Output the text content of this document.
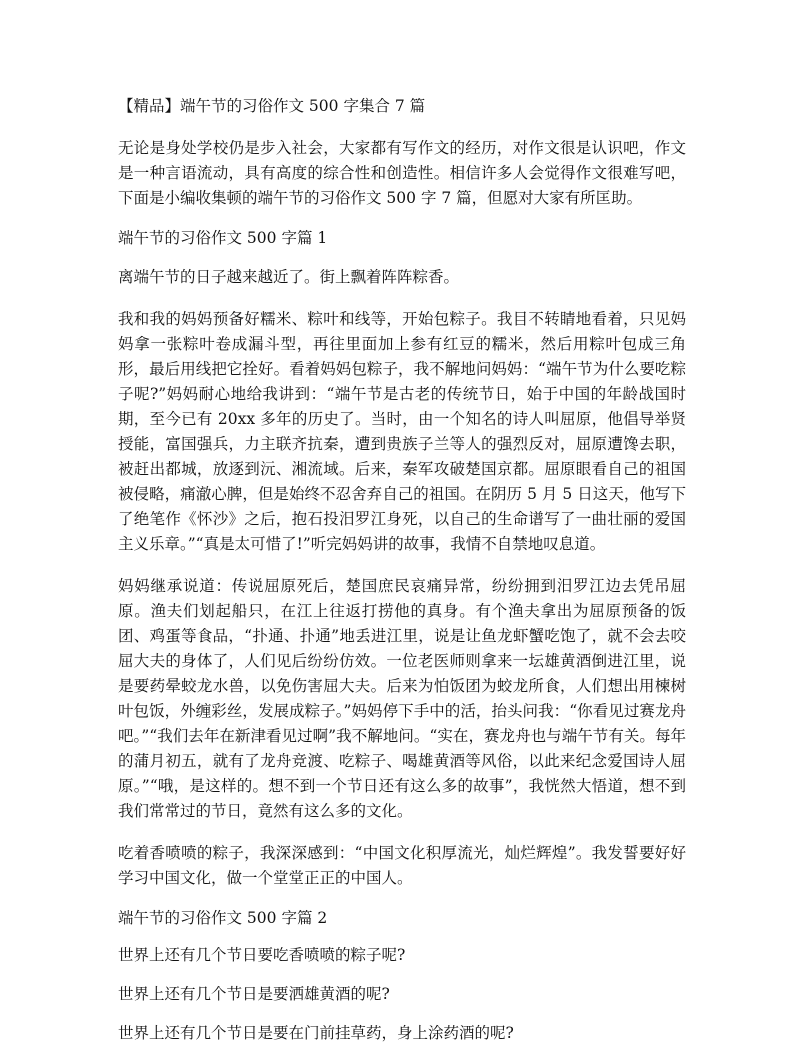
【精品】端午节的习俗作文 500 字集合 7 篇
无论是身处学校仍是步入社会，大家都有写作文的经历，对作文很是认识吧，作文是一种言语流动，具有高度的综合性和创造性。相信许多人会觉得作文很难写吧，下面是小编收集顿的端午节的习俗作文 500 字 7 篇，但愿对大家有所匡助。
端午节的习俗作文 500 字篇 1
离端午节的日子越来越近了。街上飘着阵阵粽香。
我和我的妈妈预备好糯米、粽叶和线等，开始包粽子。我目不转睛地看着，只见妈妈拿一张粽叶卷成漏斗型，再往里面加上参有红豆的糯米，然后用粽叶包成三角形，最后用线把它拴好。看着妈妈包粽子，我不解地问妈妈：“端午节为什么要吃粽子呢?”妈妈耐心地给我讲到：“端午节是古老的传统节日，始于中国的年龄战国时期，至今已有 20xx 多年的历史了。当时，由一个知名的诗人叫屈原，他倡导举贤授能，富国强兵，力主联齐抗秦，遭到贵族子兰等人的强烈反对，屈原遭馋去职，被赶出都城，放逐到沅、湘流域。后来，秦军攻破楚国京都。屈原眼看自己的祖国被侵略，痛澈心脾，但是始终不忍舍弃自己的祖国。在阴历 5 月 5 日这天，他写下了绝笔作《怀沙》之后，抱石投汨罗江身死，以自己的生命谱写了一曲壮丽的爱国主义乐章。”“真是太可惜了!”听完妈妈讲的故事，我情不自禁地叹息道。
妈妈继承说道：传说屈原死后，楚国庶民哀痛异常，纷纷拥到汨罗江边去凭吊屈原。渔夫们划起船只，在江上往返打捞他的真身。有个渔夫拿出为屈原预备的饭团、鸡蛋等食品，“扑通、扑通”地丢进江里，说是让鱼龙虾蟹吃饱了，就不会去咬屈大夫的身体了，人们见后纷纷仿效。一位老医师则拿来一坛雄黄酒倒进江里，说是要药晕蛟龙水兽，以免伤害屈大夫。后来为怕饭团为蛟龙所食，人们想出用楝树叶包饭，外缠彩丝，发展成粽子。”妈妈停下手中的活，抬头问我：“你看见过赛龙舟吧。”“我们去年在新津看见过啊”我不解地问。“实在，赛龙舟也与端午节有关。每年的蒲月初五，就有了龙舟竞渡、吃粽子、喝雄黄酒等风俗，以此来纪念爱国诗人屈原。”“哦，是这样的。想不到一个节日还有这么多的故事”，我恍然大悟道，想不到我们常常过的节日，竟然有这么多的文化。
吃着香喷喷的粽子，我深深感到：“中国文化积厚流光，灿烂辉煌”。我发誓要好好学习中国文化，做一个堂堂正正的中国人。
端午节的习俗作文 500 字篇 2
世界上还有几个节日要吃香喷喷的粽子呢?
世界上还有几个节日是要洒雄黄酒的呢?
世界上还有几个节日是要在门前挂草药，身上涂药酒的呢?
